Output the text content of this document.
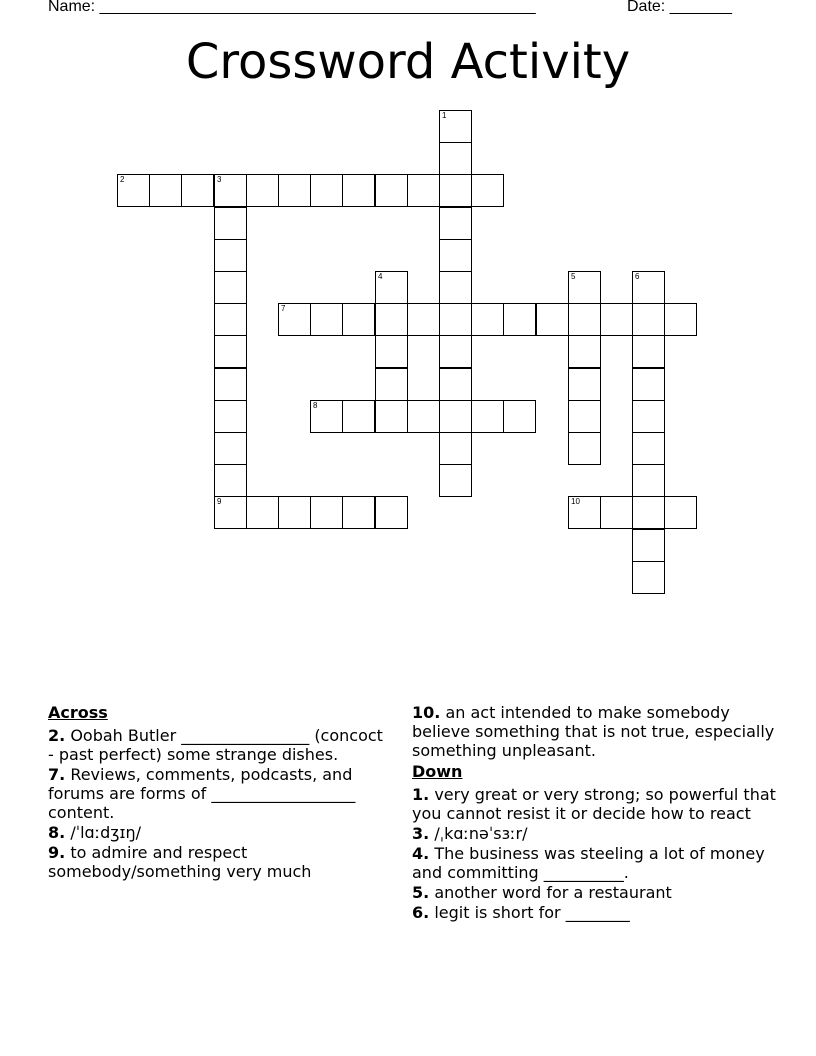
Name: _________________________________________________	Date: _______
Crossword Activity
2	3
7
8
9	10
1
4	5	6
Across
2. Oobah Butler ________________ (concoct - past perfect) some strange dishes.
7. Reviews, comments, podcasts, and forums are forms of __________________ content.
8. /ˈlɑːdʒɪŋ/
9. to admire and respect somebody/something very much
10. an act intended to make somebody believe something that is not true, especially something unpleasant.
Down
1. very great or very strong; so powerful that you cannot resist it or decide how to react
3. /ˌkɑːnəˈsɜːr/
4. The business was steeling a lot of money and committing __________.
5. another word for a restaurant
6. legit is short for ________
